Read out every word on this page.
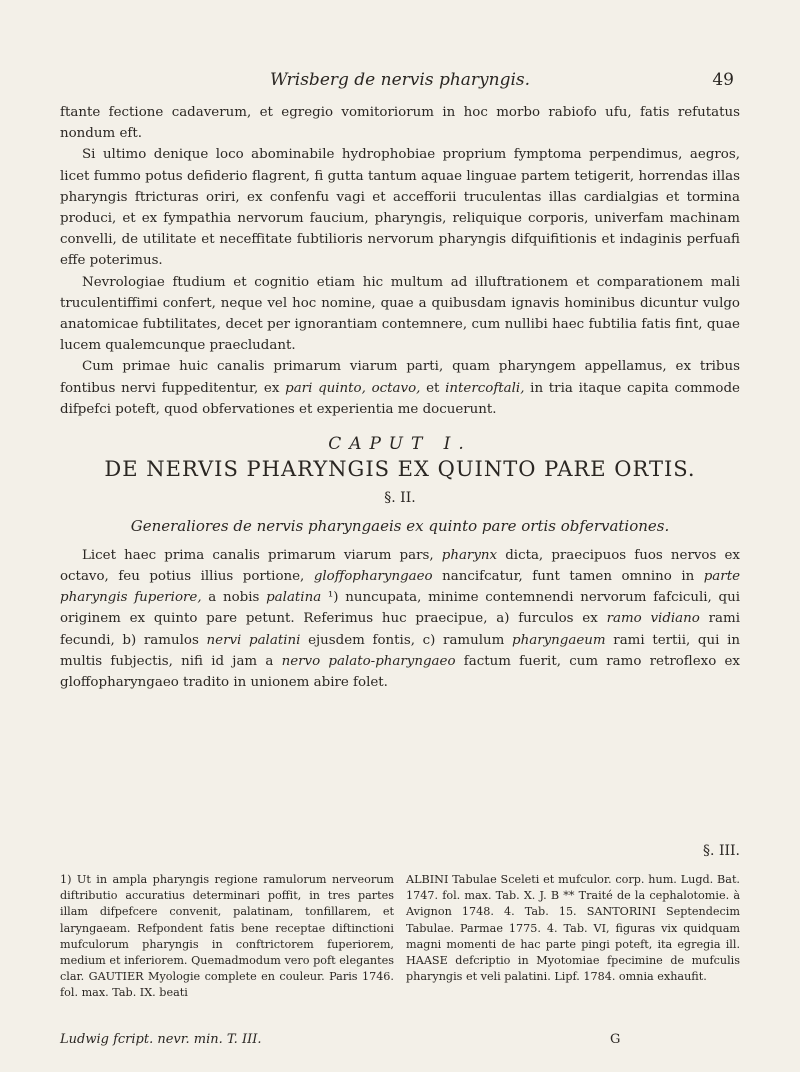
Wrisberg de nervis pharyngis.	49

ftante fectione cadaverum, et egregio vomitoriorum in hoc morbo rabiofo ufu, fatis refutatus nondum eft.

Si ultimo denique loco abominabile hydrophobiae proprium fymptoma perpendimus, aegros, licet fummo potus defiderio flagrent, fi gutta tantum aquae linguae partem tetigerit, horrendas illas pharyngis ftricturas oriri, ex confenfu vagi et accefforii truculentas illas cardialgias et tormina produci, et ex fympathia nervorum faucium, pharyngis, reliquique corporis, univerfam machinam convelli, de utilitate et neceffitate fubtilioris nervorum pharyngis difquifitionis et indaginis perfuafi effe poterimus.

Nevrologiae ftudium et cognitio etiam hic multum ad illuftrationem et comparationem mali truculentiffimi confert, neque vel hoc nomine, quae a quibusdam ignavis hominibus dicuntur vulgo anatomicae fubtilitates, decet per ignorantiam contemnere, cum nullibi haec fubtilia fatis fint, quae lucem qualemcunque praecludant.

Cum primae huic canalis primarum viarum parti, quam pharyngem appellamus, ex tribus fontibus nervi fuppeditentur, ex pari quinto, octavo, et intercoftali, in tria itaque capita commode difpefci poteft, quod obfervationes et experientia me docuerunt.

CAPUT I.
DE NERVIS PHARYNGIS EX QUINTO PARE ORTIS.
§. II.
Generaliores de nervis pharyngaeis ex quinto pare ortis obfervationes.

Licet haec prima canalis primarum viarum pars, pharynx dicta, praecipuos fuos nervos ex octavo, feu potius illius portione, gloffopharyngaeo nancifcatur, funt tamen omnino in parte pharyngis fuperiore, a nobis palatina ¹) nuncupata, minime contemnendi nervorum fafciculi, qui originem ex quinto pare petunt. Referimus huc praecipue, a) furculos ex ramo vidiano rami fecundi, b) ramulos nervi palatini ejusdem fontis, c) ramulum pharyngaeum rami tertii, qui in multis fubjectis, nifi id jam a nervo palato-pharyngaeo factum fuerit, cum ramo retroflexo ex gloffopharyngaeo tradito in unionem abire folet.

§. III.
1) Ut in ampla pharyngis regione ramulorum nerveorum diftributio accuratius determinari poffit, in tres partes illam difpefcere convenit, palatinam, tonfillarem, et laryngaeam. Refpondent fatis bene receptae diftinctioni mufculorum pharyngis in conftrictorem fuperiorem, medium et inferiorem. Quemadmodum vero poft elegantes clar. GAUTIER Myologie complete en couleur. Paris 1746. fol. max. Tab. IX. beati
ALBINI Tabulae Sceleti et mufculor. corp. hum. Lugd. Bat. 1747. fol. max. Tab. X. J. B ** Traité de la cephalotomie. à Avignon 1748. 4. Tab. 15. SANTORINI Septendecim Tabulae. Parmae 1775. 4. Tab. VI, figuras vix quidquam magni momenti de hac parte pingi poteft, ita egregia ill. HAASE defcriptio in Myotomiae fpecimine de mufculis pharyngis et veli palatini. Lipf. 1784. omnia exhaufit.
Ludwig fcript. nevr. min. T. III.	G
